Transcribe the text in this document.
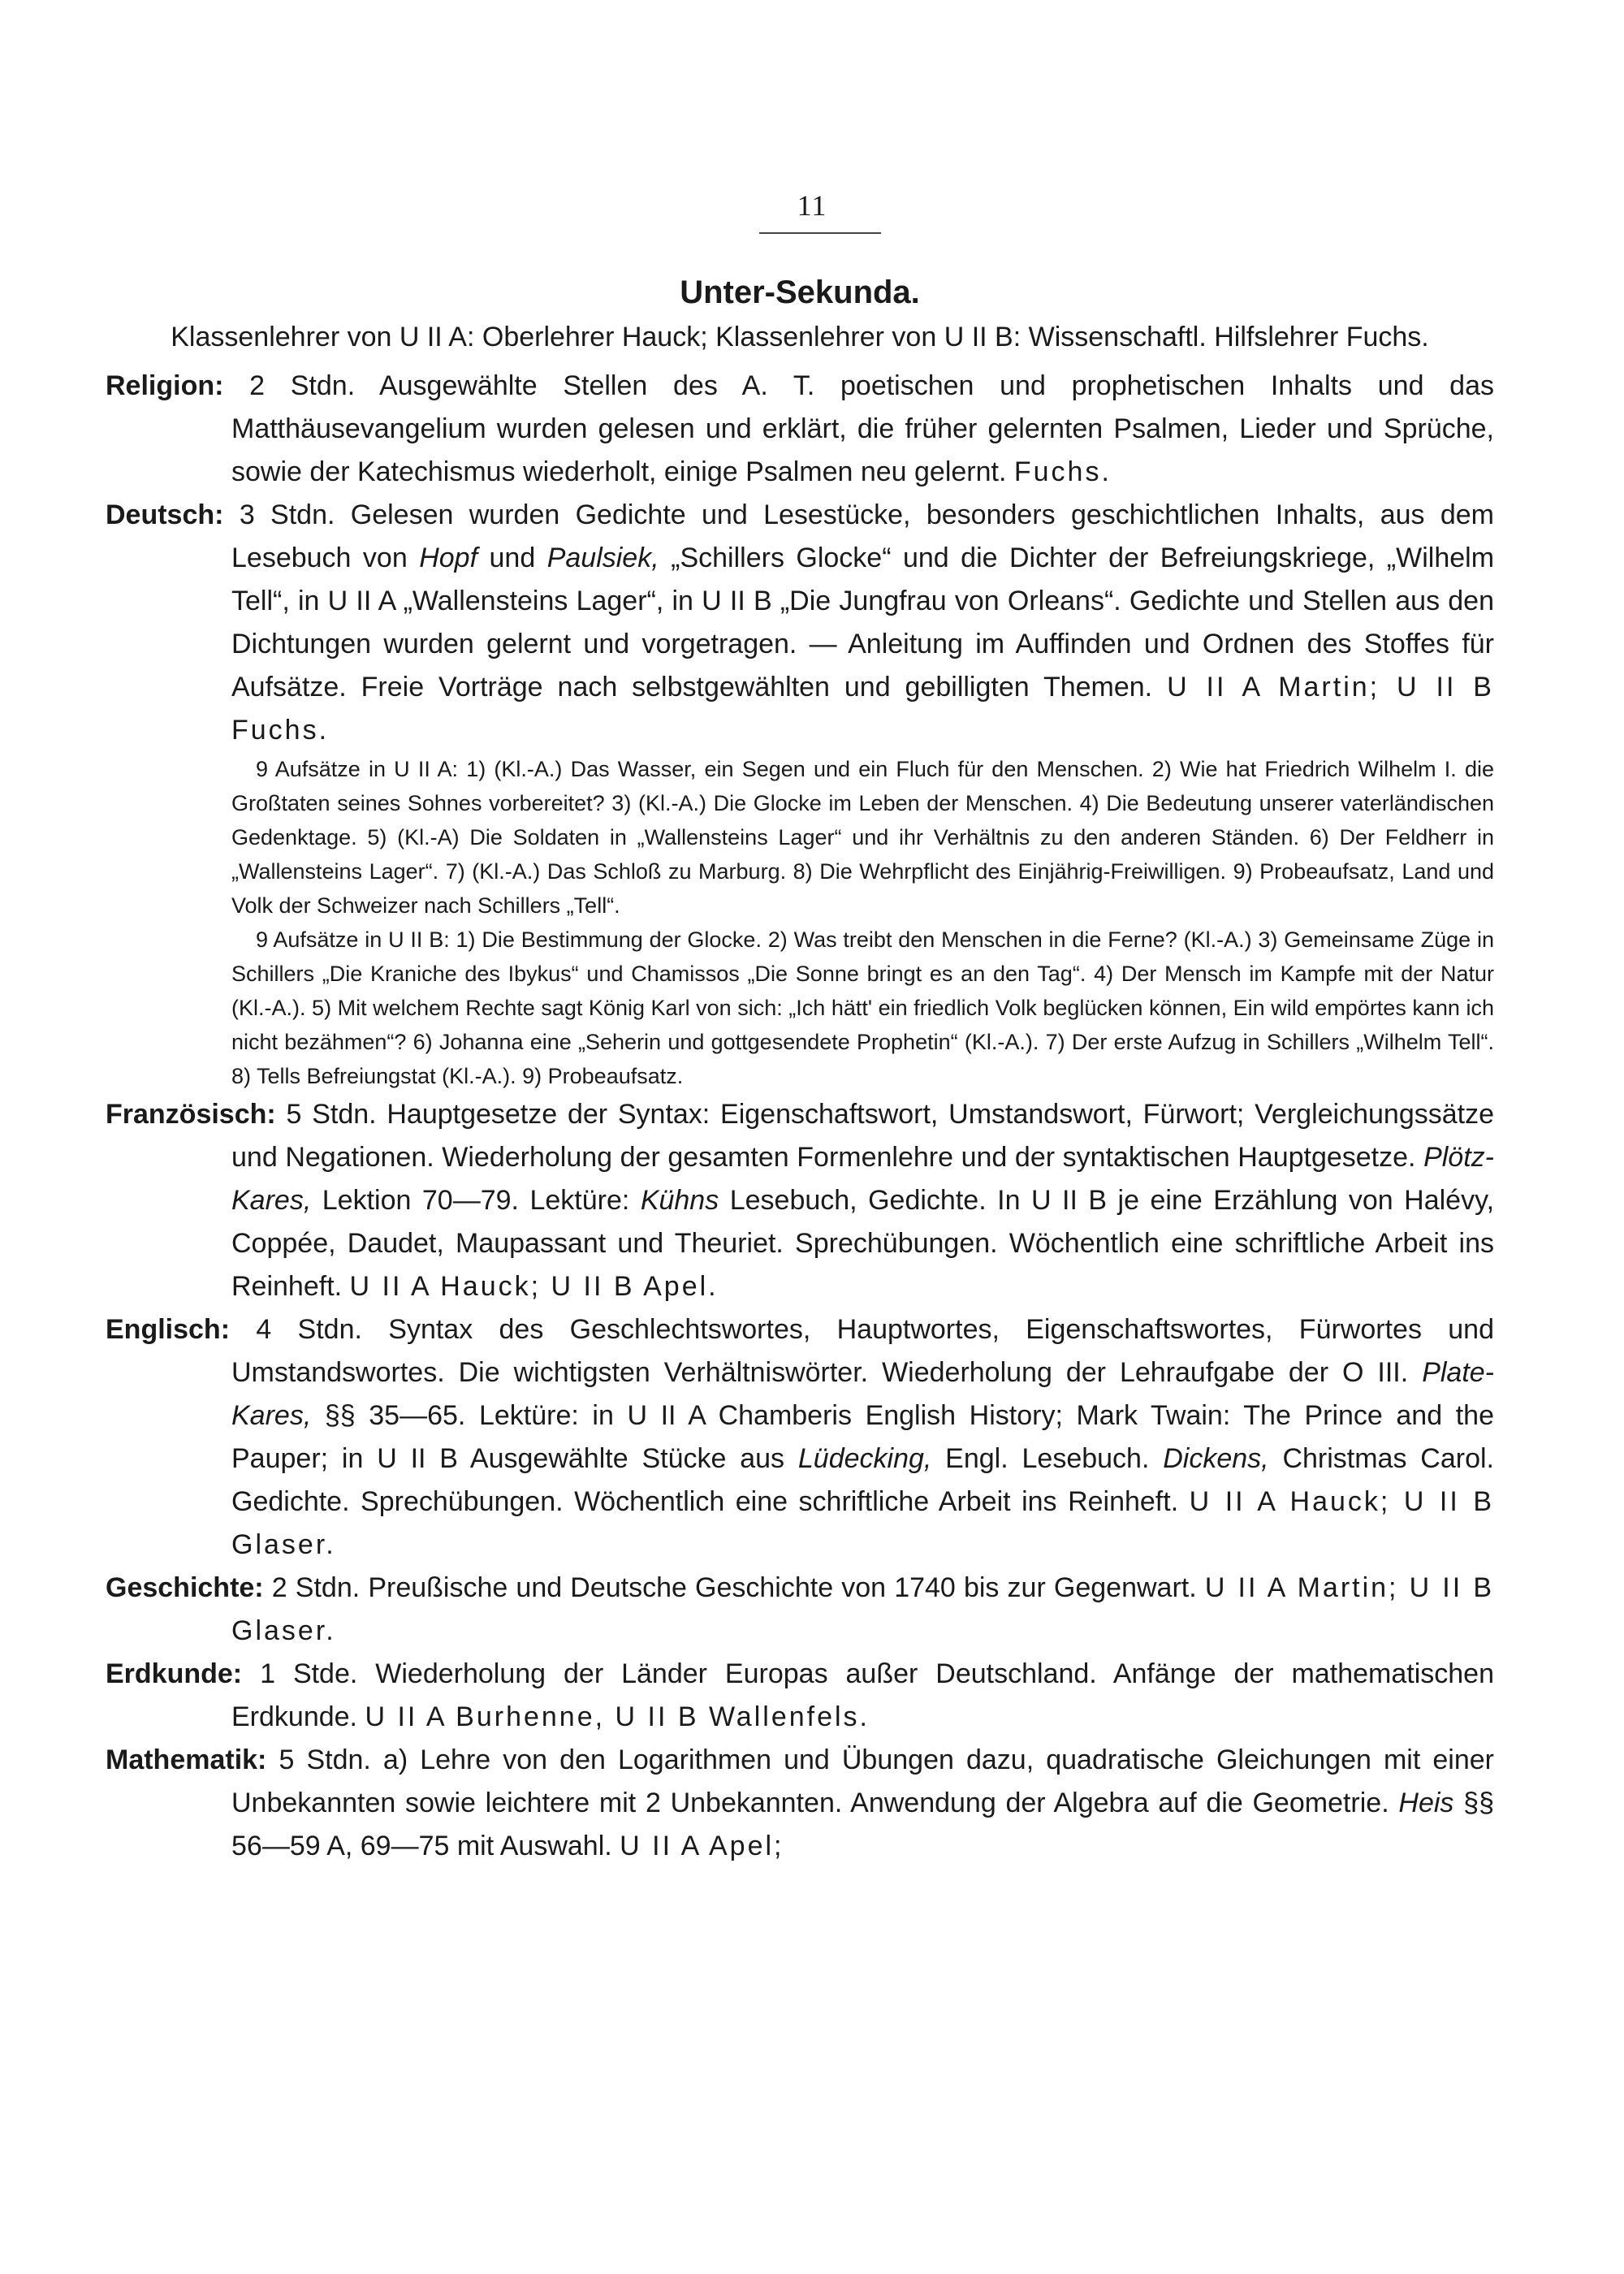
11
Unter-Sekunda.
Klassenlehrer von U II A: Oberlehrer Hauck; Klassenlehrer von U II B: Wissenschaftl. Hilfslehrer Fuchs.

Religion: 2 Stdn. Ausgewählte Stellen des A. T. poetischen und prophetischen Inhalts und das Matthäusevangelium wurden gelesen und erklärt, die früher gelernten Psalmen, Lieder und Sprüche, sowie der Katechismus wiederholt, einige Psalmen neu gelernt. Fuchs.

Deutsch: 3 Stdn. Gelesen wurden Gedichte und Lesestücke, besonders geschichtlichen Inhalts, aus dem Lesebuch von Hopf und Paulsiek, „Schillers Glocke“ und die Dichter der Befreiungskriege, „Wilhelm Tell“, in U II A „Wallensteins Lager“, in U II B „Die Jungfrau von Orleans“. Gedichte und Stellen aus den Dichtungen wurden gelernt und vorgetragen. — Anleitung im Auffinden und Ordnen des Stoffes für Aufsätze. Freie Vorträge nach selbstgewählten und gebilligten Themen. U II A Martin; U II B Fuchs.

9 Aufsätze in U II A: 1) (Kl.-A.) Das Wasser, ein Segen und ein Fluch für den Menschen. 2) Wie hat Friedrich Wilhelm I. die Großtaten seines Sohnes vorbereitet? 3) (Kl.-A.) Die Glocke im Leben der Menschen. 4) Die Bedeutung unserer vaterländischen Gedenktage. 5) (Kl.-A) Die Soldaten in „Wallensteins Lager“ und ihr Verhältnis zu den anderen Ständen. 6) Der Feldherr in „Wallensteins Lager“. 7) (Kl.-A.) Das Schloß zu Marburg. 8) Die Wehrpflicht des Einjährig-Freiwilligen. 9) Probeaufsatz, Land und Volk der Schweizer nach Schillers „Tell“.

9 Aufsätze in U II B: 1) Die Bestimmung der Glocke. 2) Was treibt den Menschen in die Ferne? (Kl.-A.) 3) Gemeinsame Züge in Schillers „Die Kraniche des Ibykus“ und Chamissos „Die Sonne bringt es an den Tag“. 4) Der Mensch im Kampfe mit der Natur (Kl.-A.). 5) Mit welchem Rechte sagt König Karl von sich: „Ich hätt' ein friedlich Volk beglücken können, Ein wild empörtes kann ich nicht bezähmen“? 6) Johanna eine „Seherin und gottgesendete Prophetin“ (Kl.-A.). 7) Der erste Aufzug in Schillers „Wilhelm Tell“. 8) Tells Befreiungstat (Kl.-A.). 9) Probeaufsatz.

Französisch: 5 Stdn. Hauptgesetze der Syntax: Eigenschaftswort, Umstandswort, Fürwort; Vergleichungssätze und Negationen. Wiederholung der gesamten Formenlehre und der syntaktischen Hauptgesetze. Plötz-Kares, Lektion 70—79. Lektüre: Kühns Lesebuch, Gedichte. In U II B je eine Erzählung von Halévy, Coppée, Daudet, Maupassant und Theuriet. Sprechübungen. Wöchentlich eine schriftliche Arbeit ins Reinheft. U II A Hauck; U II B Apel.

Englisch: 4 Stdn. Syntax des Geschlechtswortes, Hauptwortes, Eigenschaftswortes, Fürwortes und Umstandswortes. Die wichtigsten Verhältniswörter. Wiederholung der Lehraufgabe der O III. Plate-Kares, §§ 35—65. Lektüre: in U II A Chamberis English History; Mark Twain: The Prince and the Pauper; in U II B Ausgewählte Stücke aus Lüdecking, Engl. Lesebuch. Dickens, Christmas Carol. Gedichte. Sprechübungen. Wöchentlich eine schriftliche Arbeit ins Reinheft. U II A Hauck; U II B Glaser.

Geschichte: 2 Stdn. Preußische und Deutsche Geschichte von 1740 bis zur Gegenwart. U II A Martin; U II B Glaser.

Erdkunde: 1 Stde. Wiederholung der Länder Europas außer Deutschland. Anfänge der mathematischen Erdkunde. U II A Burhenne, U II B Wallenfels.

Mathematik: 5 Stdn. a) Lehre von den Logarithmen und Übungen dazu, quadratische Gleichungen mit einer Unbekannten sowie leichtere mit 2 Unbekannten. Anwendung der Algebra auf die Geometrie. Heis §§ 56—59 A, 69—75 mit Auswahl. U II A Apel;
